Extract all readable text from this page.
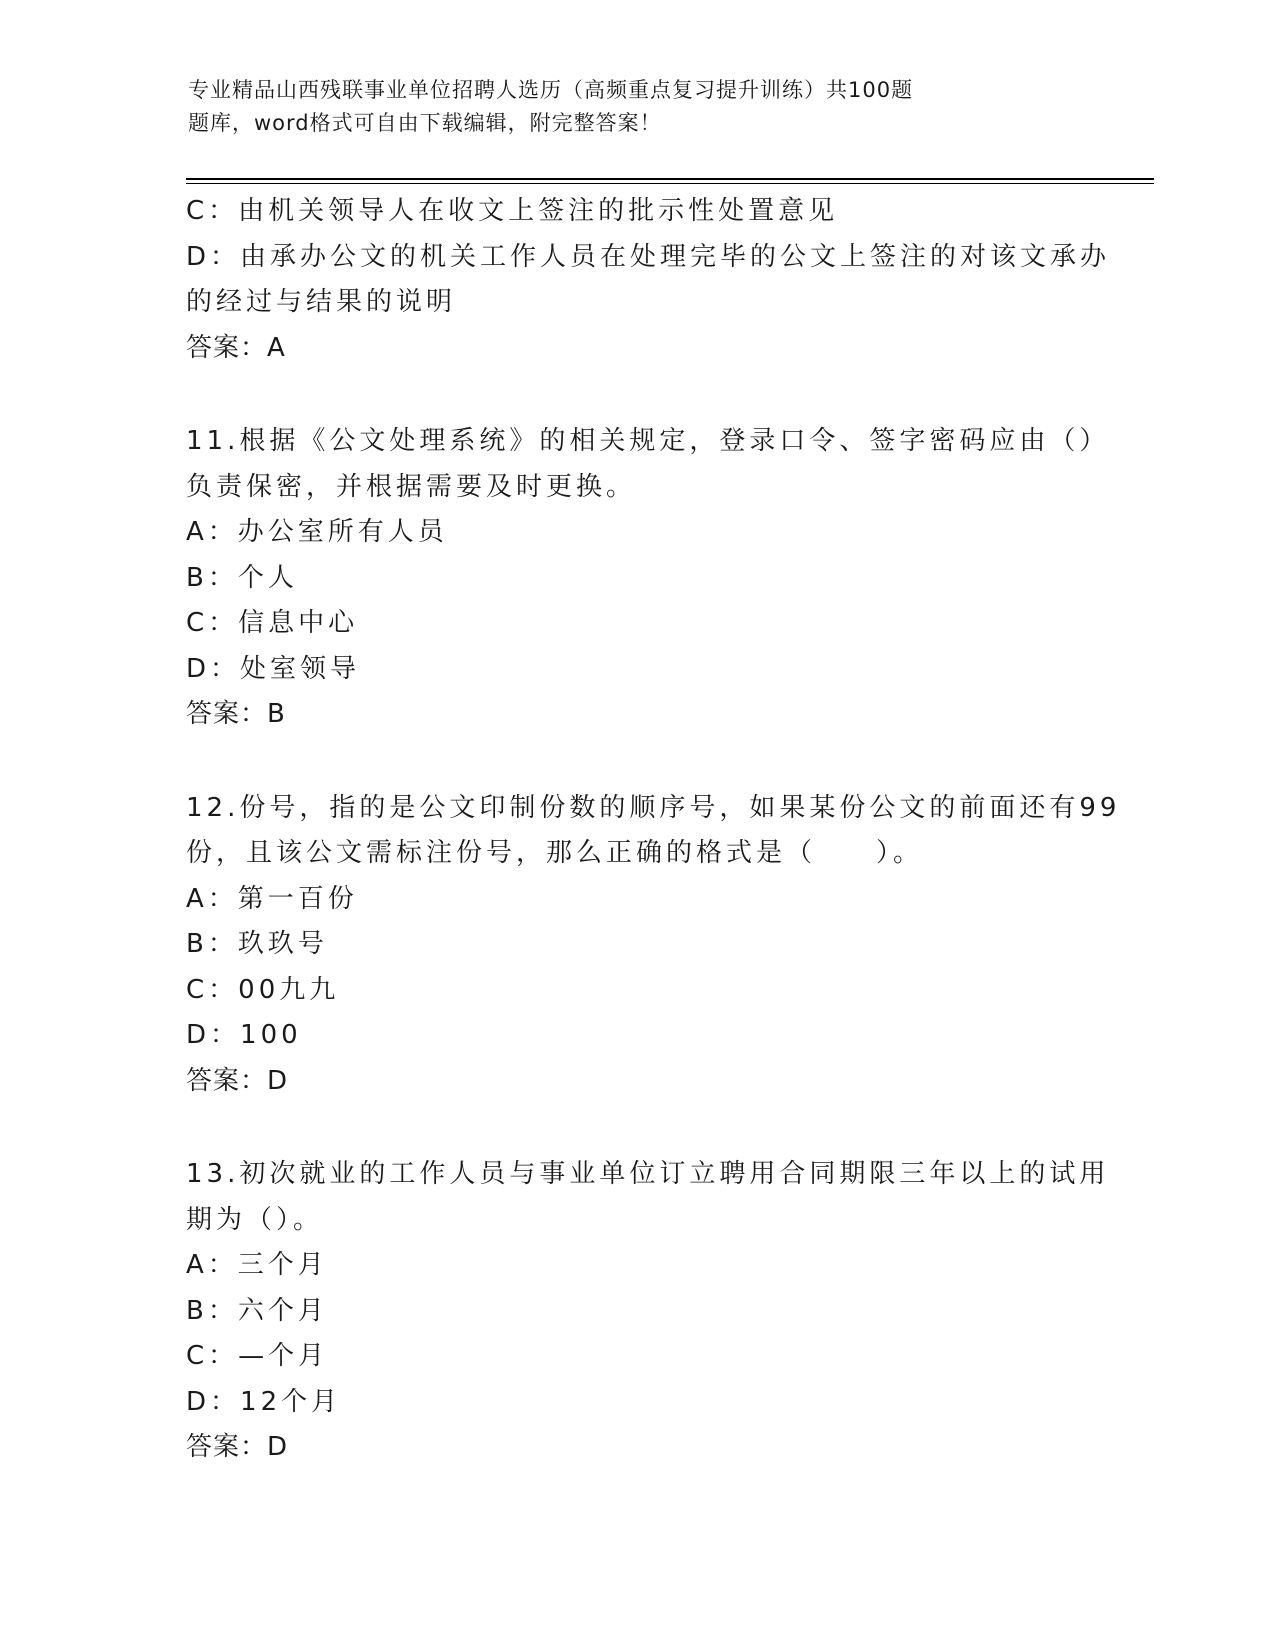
专业精品山西残联事业单位招聘人选历（高频重点复习提升训练）共100题
题库，word格式可自由下载编辑，附完整答案！
C：由机关领导人在收文上签注的批示性处置意见
D：由承办公文的机关工作人员在处理完毕的公文上签注的对该文承办
的经过与结果的说明
答案：A
11.根据《公文处理系统》的相关规定，登录口令、签字密码应由（）
负责保密，并根据需要及时更换。
A：办公室所有人员
B：个人
C：信息中心
D：处室领导
答案：B
12.份号，指的是公文印制份数的顺序号，如果某份公文的前面还有99
份，且该公文需标注份号，那么正确的格式是（　　）。
A：第一百份
B：玖玖号
C：00九九
D：100
答案：D
13.初次就业的工作人员与事业单位订立聘用合同期限三年以上的试用
期为（）。
A：三个月
B：六个月
C：—个月
D：12个月
答案：D
